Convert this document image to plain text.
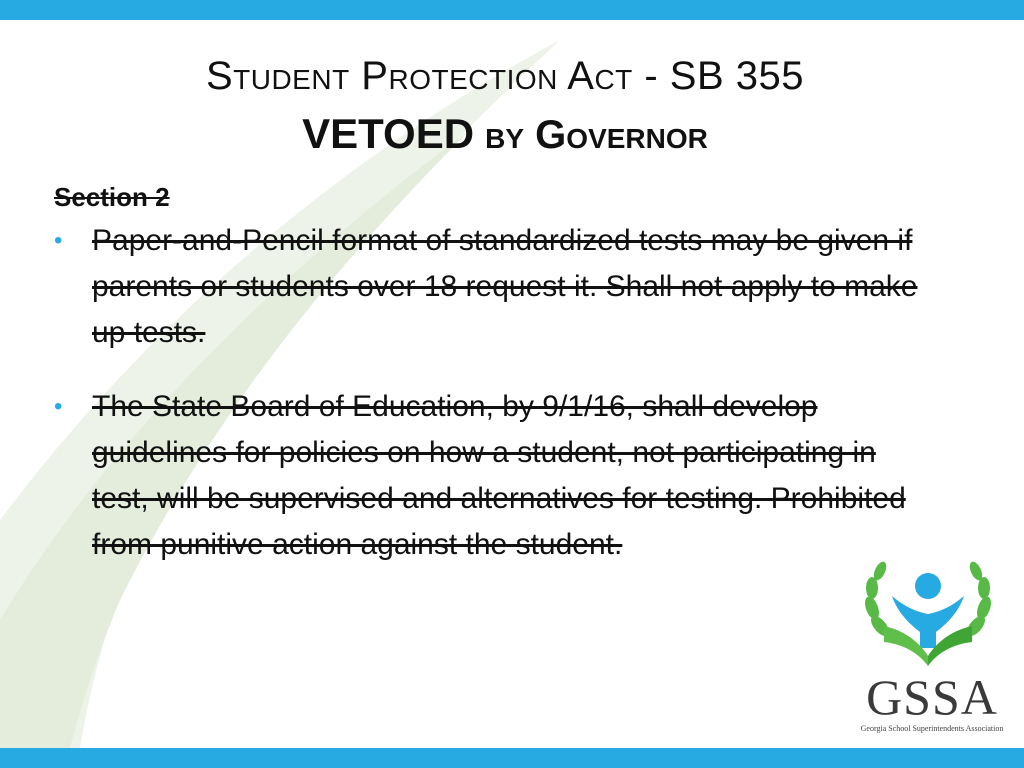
Student Protection Act - SB 355
VETOED by Governor

Section 2

• Paper-and-Pencil format of standardized tests may be given if parents or students over 18 request it. Shall not apply to make up tests.

• The State Board of Education, by 9/1/16, shall develop guidelines for policies on how a student, not participating in test, will be supervised and alternatives for testing. Prohibited from punitive action against the student.

GSSA
Georgia School Superintendents Association
